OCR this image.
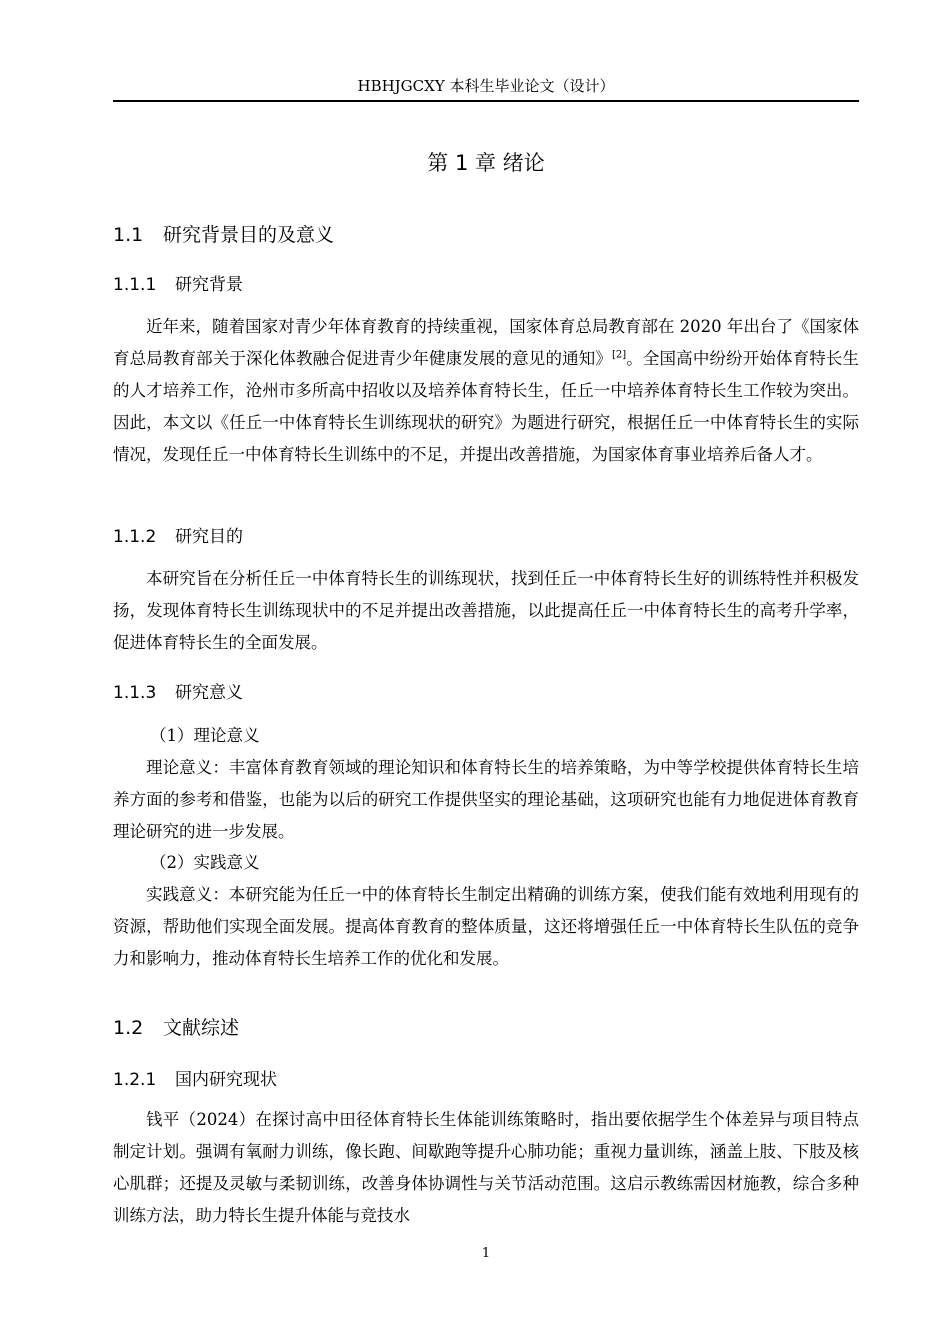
HBHJGCXY 本科生毕业论文（设计）
第 1 章 绪论
1.1 研究背景目的及意义
1.1.1 研究背景

近年来，随着国家对青少年体育教育的持续重视，国家体育总局教育部在 2020 年出台了《国家体育总局教育部关于深化体教融合促进青少年健康发展的意见的通知》[2]。全国高中纷纷开始体育特长生的人才培养工作，沧州市多所高中招收以及培养体育特长生，任丘一中培养体育特长生工作较为突出。因此，本文以《任丘一中体育特长生训练现状的研究》为题进行研究，根据任丘一中体育特长生的实际情况，发现任丘一中体育特长生训练中的不足，并提出改善措施，为国家体育事业培养后备人才。

1.1.2 研究目的

本研究旨在分析任丘一中体育特长生的训练现状，找到任丘一中体育特长生好的训练特性并积极发扬，发现体育特长生训练现状中的不足并提出改善措施，以此提高任丘一中体育特长生的高考升学率，促进体育特长生的全面发展。

1.1.3 研究意义
（1）理论意义

理论意义：丰富体育教育领域的理论知识和体育特长生的培养策略，为中等学校提供体育特长生培养方面的参考和借鉴，也能为以后的研究工作提供坚实的理论基础，这项研究也能有力地促进体育教育理论研究的进一步发展。

（2）实践意义

实践意义：本研究能为任丘一中的体育特长生制定出精确的训练方案，使我们能有效地利用现有的资源，帮助他们实现全面发展。提高体育教育的整体质量，这还将增强任丘一中体育特长生队伍的竞争力和影响力，推动体育特长生培养工作的优化和发展。

1.2 文献综述
1.2.1 国内研究现状

钱平（2024）在探讨高中田径体育特长生体能训练策略时，指出要依据学生个体差异与项目特点制定计划。强调有氧耐力训练，像长跑、间歇跑等提升心肺功能；重视力量训练，涵盖上肢、下肢及核心肌群；还提及灵敏与柔韧训练，改善身体协调性与关节活动范围。这启示教练需因材施教，综合多种训练方法，助力特长生提升体能与竞技水

1
